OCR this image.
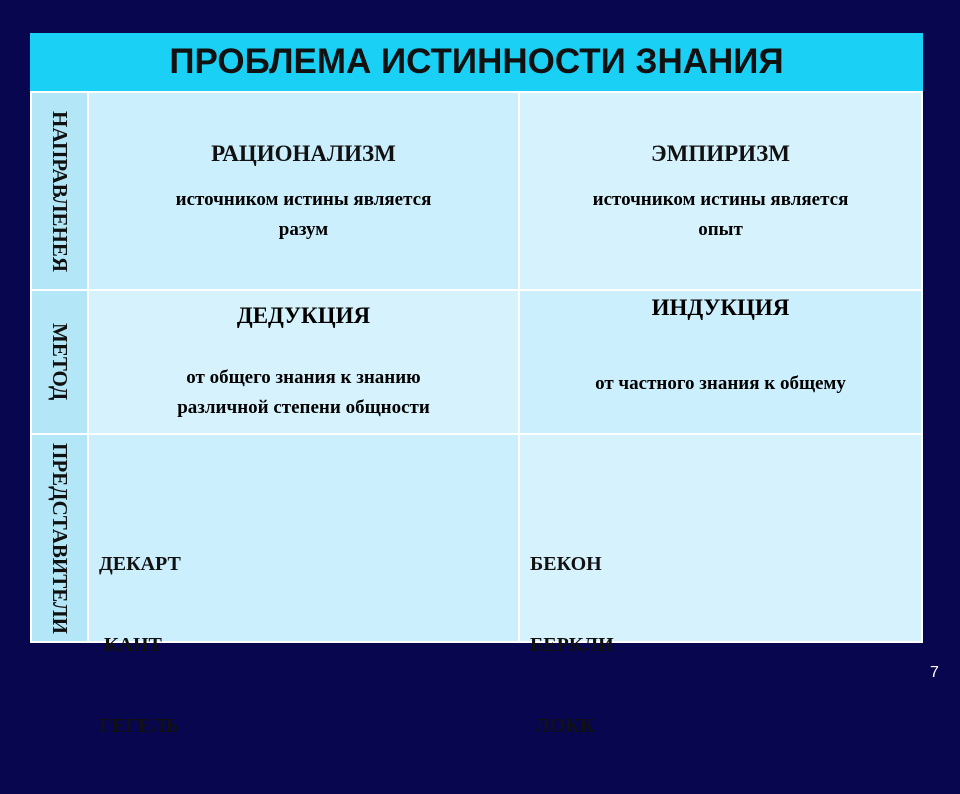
ПРОБЛЕМА ИСТИННОСТИ ЗНАНИЯ
НАПРАВЛЕНЕЯ
МЕТОД
ПРЕДСТАВИТЕЛИ
РАЦИОНАЛИЗМ	ЭМПИРИЗМ

ДЕКАРТ

КАНТ

ГЕГЕЛЬ

БЕКОН

БЕРКЛИ

ЛОКК

источником истины является
разум
источником истины является
опыт
ДЕДУКЦИЯ	ИНДУКЦИЯ
от общего знания к знанию
различной степени общности
от частного знания к общему
7
